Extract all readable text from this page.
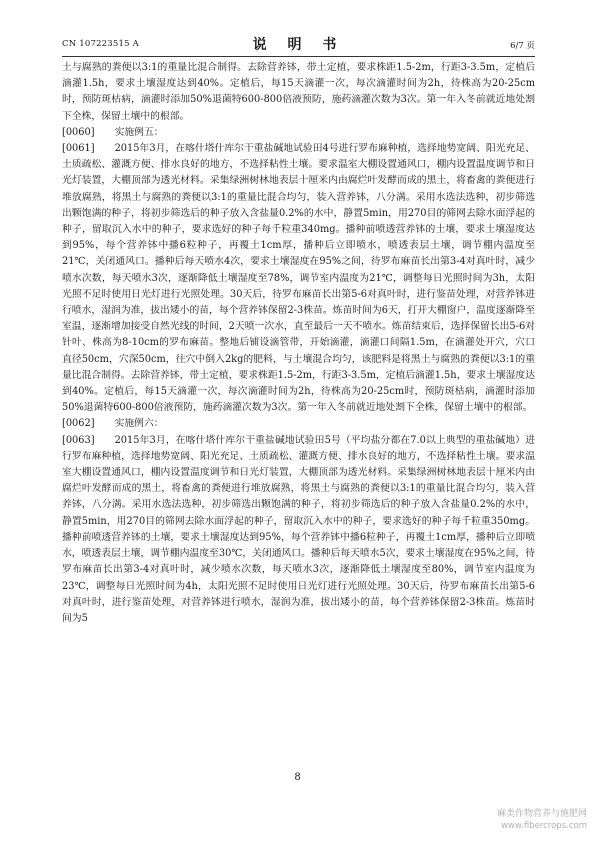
CN 107223515 A	说 明 书	6/7 页

土与腐熟的粪便以3:1的重量比混合制得。去除营养钵，带土定植，要求株距1.5-2m，行距3-3.5m，定植后滴灌1.5h，要求土壤湿度达到40%。定植后，每15天滴灌一次，每次滴灌时间为2h，待株高为20-25cm时，预防斑枯病，滴灌时添加50%退菌特600-800倍液预防，施药滴灌次数为3次。第一年入冬前就近地处割下全株，保留土壤中的根部。

[0060] 实施例五：

[0061] 2015年3月，在喀什塔什库尔干重盐碱地试验田4号进行罗布麻种植，选择地势宽阔、阳光充足、土质疏松、灌溉方便、排水良好的地方，不选择粘性土壤。要求温室大棚设置通风口，棚内设置温度调节和日光灯装置，大棚顶部为透光材料。采集绿洲树林地表层十厘米内由腐烂叶发酵而成的黑土，将畜禽的粪便进行堆放腐熟，将黑土与腐熟的粪便以3:1的重量比混合均匀，装入营养钵，八分满。采用水选法选种，初步筛选出颗饱满的种子，将初步筛选后的种子放入含盐量0.2%的水中，静置5min，用270目的筛网去除水面浮起的种子，留取沉入水中的种子，要求选好的种子每千粒重340mg。播种前喷透营养钵的土壤，要求土壤湿度达到95%，每个营养钵中播6粒种子，再覆土1cm厚，播种后立即喷水，喷透表层土壤，调节棚内温度至21℃，关闭通风口。播种后每天喷水4次，要求土壤湿度在95%之间，待罗布麻苗长出第3-4对真叶时，减少喷水次数，每天喷水3次，逐渐降低土壤湿度至78%，调节室内温度为21℃，调整每日光照时间为3h，太阳光照不足时使用日光灯进行光照处理。30天后，待罗布麻苗长出第5-6对真叶时，进行鉴苗处理，对营养钵进行喷水，湿润为准，拔出矮小的苗，每个营养钵保留2-3株苗。炼苗时间为6天，打开大棚窗户，温度逐渐降至室温，逐渐增加接受自然光线的时间，2天喷一次水，直至最后一天不喷水。炼苗结束后，选择保留长出5-6对针叶、株高为8-10cm的罗布麻苗。整地后铺设滴管带，开始滴灌，滴灌口间隔1.5m，在滴灌处开穴，穴口直径50cm，穴深50cm，往穴中倒入2kg的肥料，与土壤混合均匀，该肥料是将黑土与腐熟的粪便以3:1的重量比混合制得。去除营养钵，带土定植，要求株距1.5-2m，行距3-3.5m，定植后滴灌1.5h，要求土壤湿度达到40%。定植后，每15天滴灌一次，每次滴灌时间为2h，待株高为20-25cm时，预防斑枯病，滴灌时添加50%退菌特600-800倍液预防，施药滴灌次数为3次。第一年入冬前就近地处割下全株，保留土壤中的根部。

[0062] 实施例六：

[0063] 2015年3月，在喀什塔什库尔干重盐碱地试验田5号（平均盐分都在7.0以上典型的重盐碱地）进行罗布麻种植，选择地势宽阔、阳光充足、土质疏松、灌溉方便、排水良好的地方，不选择粘性土壤。要求温室大棚设置通风口，棚内设置温度调节和日光灯装置，大棚顶部为透光材料。采集绿洲树林地表层十厘米内由腐烂叶发酵而成的黑土，将畜禽的粪便进行堆放腐熟，将黑土与腐熟的粪便以3:1的重量比混合均匀，装入营养钵，八分满。采用水选法选种，初步筛选出颗饱满的种子，将初步筛选后的种子放入含盐量0.2%的水中，静置5min，用270目的筛网去除水面浮起的种子，留取沉入水中的种子，要求选好的种子每千粒重350mg。播种前喷透营养钵的土壤，要求土壤湿度达到95%，每个营养钵中播6粒种子，再覆土1cm厚，播种后立即喷水，喷透表层土壤，调节棚内温度至30℃，关闭通风口。播种后每天喷水5次，要求土壤湿度在95%之间，待罗布麻苗长出第3-4对真叶时，减少喷水次数，每天喷水3次，逐渐降低土壤湿度至80%，调节室内温度为23℃，调整每日光照时间为4h，太阳光照不足时使用日光灯进行光照处理。30天后，待罗布麻苗长出第5-6对真叶时，进行鉴苗处理，对营养钵进行喷水，湿润为准，拔出矮小的苗，每个营养钵保留2-3株苗。炼苗时间为5

8
麻类作物营养与施肥网
www.fibercrops.com
